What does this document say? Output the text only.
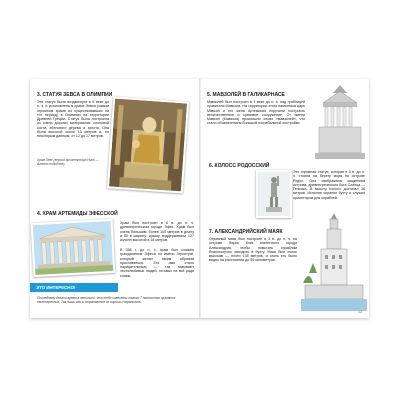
3. СТАТУЯ ЗЕВСА В ОЛИМПИИ
Эта статуя была воздвигнута в 5 веке до н. э. и установлена в храме Зевса (самом огромном храме из существовавших на тот период) в Олимпии на территории Древней Греции. Статуя была построена из очень дорогих материалов: слоновой кости, эбенового дерева и золота. Она была высотой около 13 метров и, по некоторым данным, от 12 до 17 метров.
Храм Зевс (версия архитектора Нико — Агнолю подобное).
4. ХРАМ АРТЕМИДЫ ЭФЕССКОЙ
Храм был построен в 6 в. до н. э. древнегреческом городе Эфес. Храм был очень большим: более 100 метров в длину и 50 в ширину; крышу поддерживали 127 колонн высотой в 18 метров.
В 356 г. до н. э. храм был сожжён гражданином Эфеса по имени Герострат, который желал таким образом прославиться. Его имя стало нарицательным — так называют честолюбивых людей, готовых на всё ради славы.
ЭТО ИНТЕРЕСНО!
Последнему делали время в летописи, что тебе известны только 7 полностью хранятся неинтересных. Так лишь они и сохраняются их хорошо сохранились.
5. МАВЗОЛЕЙ В ГАЛИКАРНАСЕ
Мавзолей был построен в 4 веке до н. э. над гробницей правителя Мавсола. На территории этого памятника царь Мавсол и его жена Артемисия поручили построить величественное и красивое сооружение. От имени Мавсол (Мавзола) произошло слово «мавзолей», что стало обозначением большой погребальной постройки.
6. КОЛОСС РОДОССКИЙ
Это огромная статуя, которая в 3 в. до н. э. стояла на берегу моря на острове Родос. Она изображала защитника острова, древнегреческого бога Солнца — Гелиоса. В высоту Колосс достигал 36 метров. Исполин охранял бухту и служил ориентиром для кораблей.
7. АЛЕКСАНДРИЙСКИЙ МАЯК
Огромный маяк был построен в 3 в. до н. э. на острове Фарос близ египетского города Александрия, чтобы помогать кораблям благополучно заходить в бухту. Маяк был очень высоким — почти 135 метров, и огонь его было видно на расстоянии до 50 километров.
13
